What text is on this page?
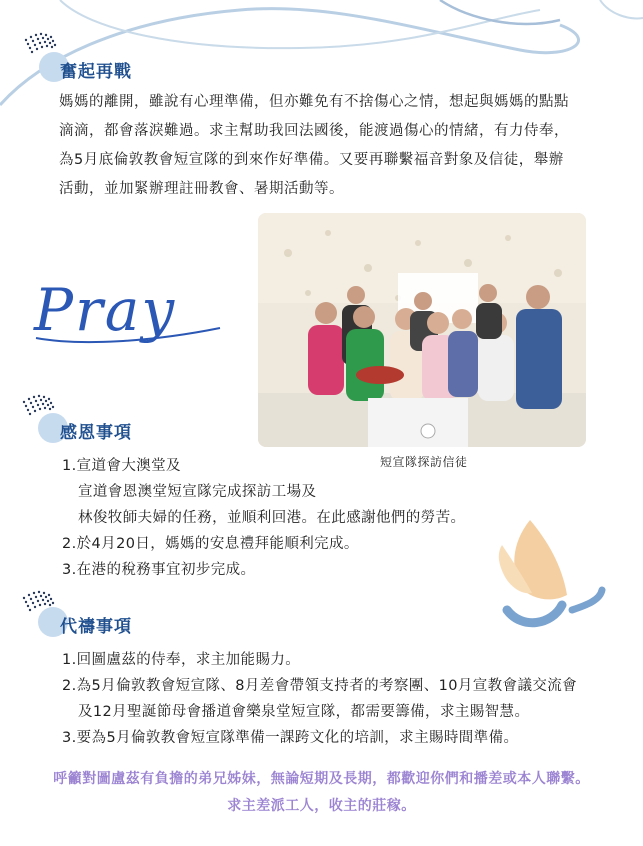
奮起再戰

媽媽的離開，雖說有心理準備，但亦難免有不捨傷心之情，想起與媽媽的點點

滴滴，都會落淚難過。求主幫助我回法國後，能渡過傷心的情緒，有力侍奉，

為5月底倫敦教會短宣隊的到來作好準備。又要再聯繫福音對象及信徒，舉辦

活動，並加緊辦理註冊教會、暑期活動等。

Pray
短宣隊探訪信徒
感恩事項
1.宣道會大澳堂及
宣道會恩澳堂短宣隊完成探訪工場及
林俊牧師夫婦的任務，並順利回港。在此感謝他們的勞苦。
2.於4月20日，媽媽的安息禮拜能順利完成。
3.在港的稅務事宜初步完成。
代禱事項
1.回圖盧茲的侍奉，求主加能賜力。
2.為5月倫敦教會短宣隊、8月差會帶領支持者的考察團、10月宣教會議交流會
及12月聖誕節母會播道會樂泉堂短宣隊，都需要籌備，求主賜智慧。
3.要為5月倫敦教會短宣隊準備一課跨文化的培訓，求主賜時間準備。
呼籲對圖盧茲有負擔的弟兄姊妹，無論短期及長期，都歡迎你們和播差或本人聯繫。
求主差派工人，收主的莊稼。
